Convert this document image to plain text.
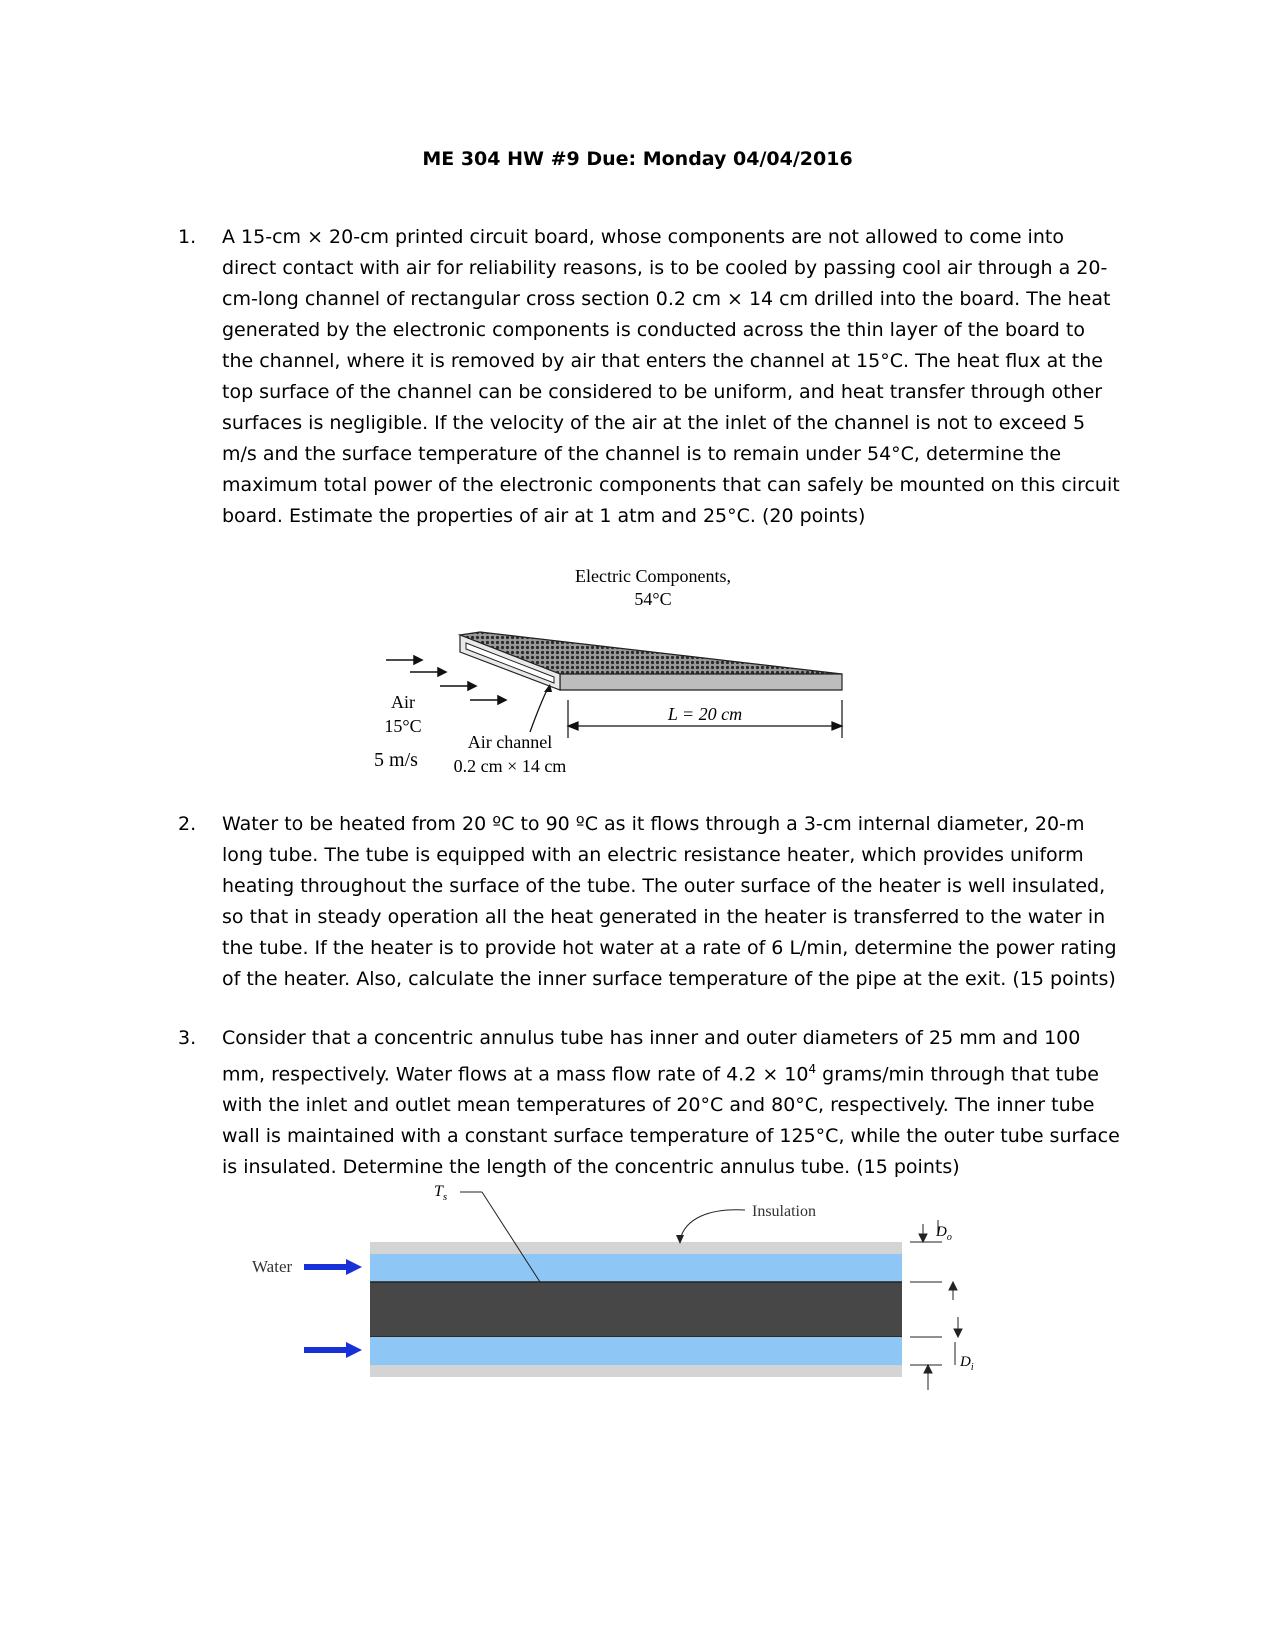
ME 304 HW #9 Due: Monday 04/04/2016
1. A 15-cm × 20-cm printed circuit board, whose components are not allowed to come into direct contact with air for reliability reasons, is to be cooled by passing cool air through a 20-cm-long channel of rectangular cross section 0.2 cm × 14 cm drilled into the board. The heat generated by the electronic components is conducted across the thin layer of the board to the channel, where it is removed by air that enters the channel at 15°C. The heat flux at the top surface of the channel can be considered to be uniform, and heat transfer through other surfaces is negligible. If the velocity of the air at the inlet of the channel is not to exceed 5 m/s and the surface temperature of the channel is to remain under 54°C, determine the maximum total power of the electronic components that can safely be mounted on this circuit board. Estimate the properties of air at 1 atm and 25°C. (20 points)
Electric Components,
54°C
L = 20 cm
Air
15°C
5 m/s
Air channel
0.2 cm × 14 cm
2. Water to be heated from 20 ºC to 90 ºC as it flows through a 3-cm internal diameter, 20-m long tube. The tube is equipped with an electric resistance heater, which provides uniform heating throughout the surface of the tube. The outer surface of the heater is well insulated, so that in steady operation all the heat generated in the heater is transferred to the water in the tube. If the heater is to provide hot water at a rate of 6 L/min, determine the power rating of the heater. Also, calculate the inner surface temperature of the pipe at the exit. (15 points)
3. Consider that a concentric annulus tube has inner and outer diameters of 25 mm and 100 mm, respectively. Water flows at a mass flow rate of $4.2 \times 10^4$ grams/min through that tube with the inlet and outlet mean temperatures of 20°C and 80°C, respectively. The inner tube wall is maintained with a constant surface temperature of 125°C, while the outer tube surface is insulated. Determine the length of the concentric annulus tube. (15 points)
Water
$T_s$
Insulation
$D_o$
$D_i$
